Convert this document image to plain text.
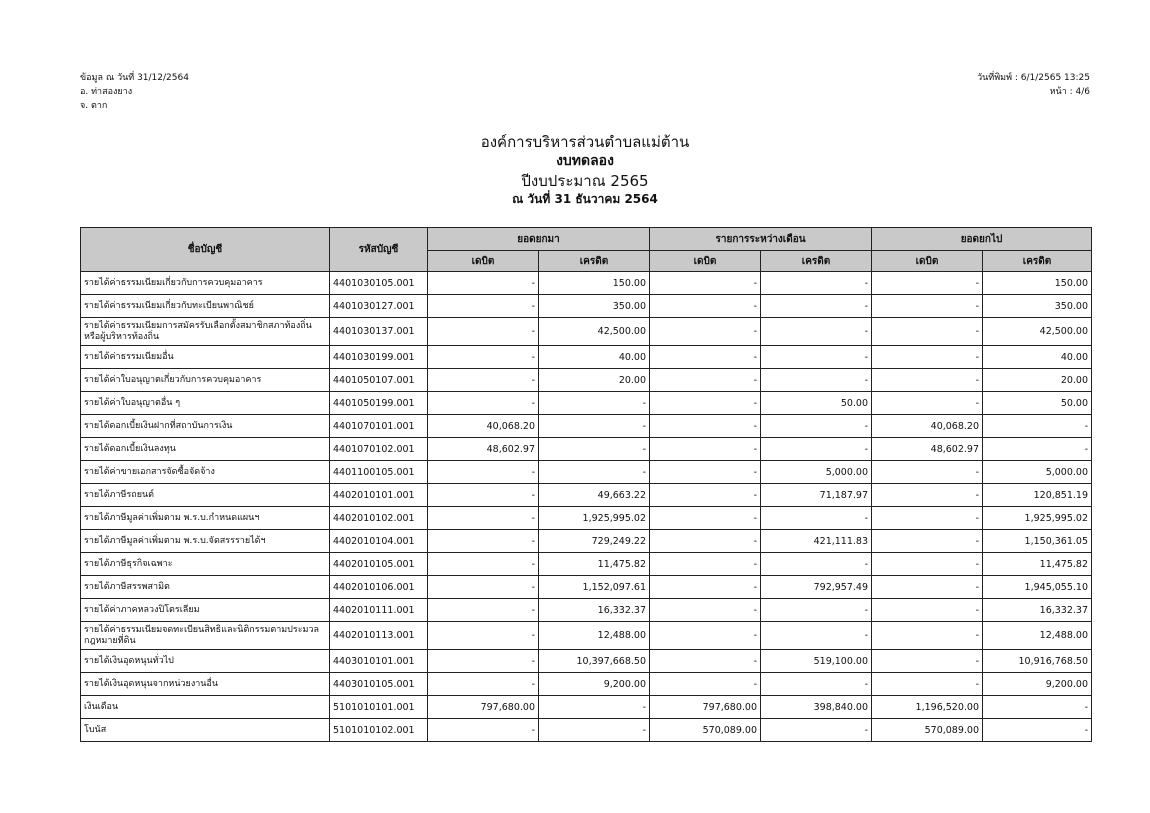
ข้อมูล ณ วันที่ 31/12/2564
อ. ท่าสองยาง
จ. ตาก
วันที่พิมพ์ : 6/1/2565 13:25
หน้า : 4/6
องค์การบริหารส่วนตำบลแม่ต้าน
งบทดลอง
ปีงบประมาณ 2565
ณ วันที่ 31 ธันวาคม 2564
ชื่อบัญชี	รหัสบัญชี	ยอดยกมา		รายการระหว่างเดือน		ยอดยกไป	
		เดบิต	เครดิต	เดบิต	เครดิต	เดบิต	เครดิต
รายได้ค่าธรรมเนียมเกี่ยวกับการควบคุมอาคาร	4401030105.001	-	150.00	-	-	-	150.00
รายได้ค่าธรรมเนียมเกี่ยวกับทะเบียนพาณิชย์	4401030127.001	-	350.00	-	-	-	350.00
รายได้ค่าธรรมเนียมการสมัครรับเลือกตั้งสมาชิกสภาท้องถิ่นหรือผู้บริหารท้องถิ่น	4401030137.001	-	42,500.00	-	-	-	42,500.00
รายได้ค่าธรรมเนียมอื่น	4401030199.001	-	40.00	-	-	-	40.00
รายได้ค่าใบอนุญาตเกี่ยวกับการควบคุมอาคาร	4401050107.001	-	20.00	-	-	-	20.00
รายได้ค่าใบอนุญาตอื่น ๆ	4401050199.001	-	-	-	50.00	-	50.00
รายได้ดอกเบี้ยเงินฝากที่สถาบันการเงิน	4401070101.001	40,068.20	-	-	-	40,068.20	-
รายได้ดอกเบี้ยเงินลงทุน	4401070102.001	48,602.97	-	-	-	48,602.97	-
รายได้ค่าขายเอกสารจัดซื้อจัดจ้าง	4401100105.001	-	-	-	5,000.00	-	5,000.00
รายได้ภาษีรถยนต์	4402010101.001	-	49,663.22	-	71,187.97	-	120,851.19
รายได้ภาษีมูลค่าเพิ่มตาม พ.ร.บ.กำหนดแผนฯ	4402010102.001	-	1,925,995.02	-	-	-	1,925,995.02
รายได้ภาษีมูลค่าเพิ่มตาม พ.ร.บ.จัดสรรรายได้ฯ	4402010104.001	-	729,249.22	-	421,111.83	-	1,150,361.05
รายได้ภาษีธุรกิจเฉพาะ	4402010105.001	-	11,475.82	-	-	-	11,475.82
รายได้ภาษีสรรพสามิต	4402010106.001	-	1,152,097.61	-	792,957.49	-	1,945,055.10
รายได้ค่าภาคหลวงปิโตรเลียม	4402010111.001	-	16,332.37	-	-	-	16,332.37
รายได้ค่าธรรมเนียมจดทะเบียนสิทธิและนิติกรรมตามประมวลกฎหมายที่ดิน	4402010113.001	-	12,488.00	-	-	-	12,488.00
รายได้เงินอุดหนุนทั่วไป	4403010101.001	-	10,397,668.50	-	519,100.00	-	10,916,768.50
รายได้เงินอุดหนุนจากหน่วยงานอื่น	4403010105.001	-	9,200.00	-	-	-	9,200.00
เงินเดือน	5101010101.001	797,680.00	-	797,680.00	398,840.00	1,196,520.00	-
โบนัส	5101010102.001	-	-	570,089.00	-	570,089.00	-
